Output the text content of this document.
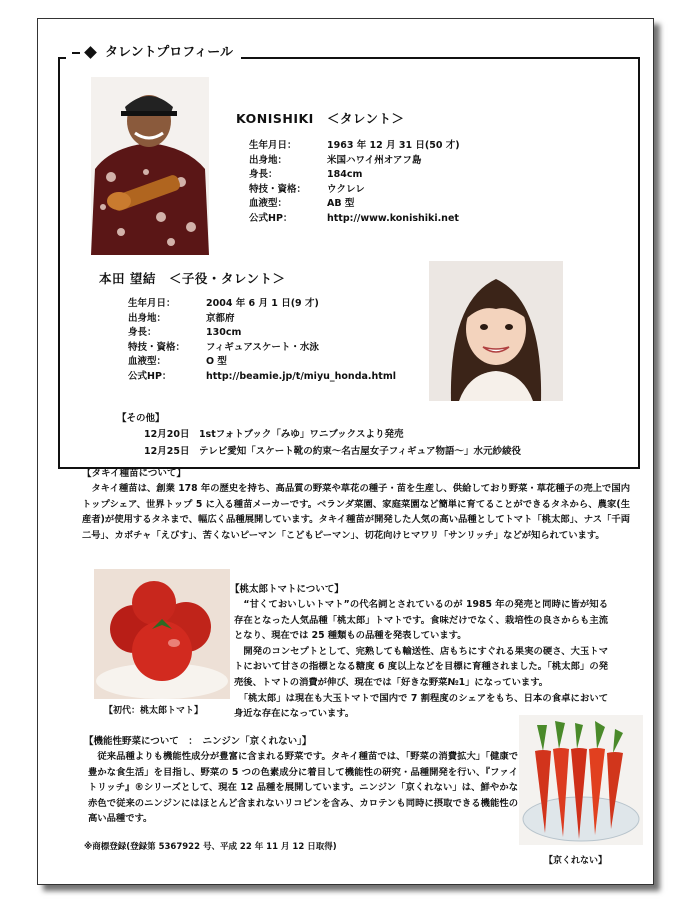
KONISHIKI　＜タレント＞
生年月日：	1963 年 12 月 31 日(50 才)
出身地：	米国ハワイ州オアフ島
身長：	184cm
特技・資格：	ウクレレ
血液型：	AB 型
公式HP：	http://www.konishiki.net
本田 望結　＜子役・タレント＞
生年月日：	2004 年 6 月 1 日(9 才)
出身地：	京都府
身長：	130cm
特技・資格：	フィギュアスケート・水泳
血液型：	O 型
公式HP：	http://beamie.jp/t/miyu_honda.html
【その他】
12月20日　1stフォトブック「みゆ」ワニブックスより発売
12月25日　テレビ愛知「スケート靴の約束～名古屋女子フィギュア物語～」水元紗綾役
タレントプロフィール
【タキイ種苗について】
　タキイ種苗は、創業 178 年の歴史を持ち、高品質の野菜や草花の種子・苗を生産し、供給しており野菜・草花種子の売上で国内トップシェア、世界トップ 5 に入る種苗メーカーです。ベランダ菜園、家庭菜園など簡単に育てることができるタネから、農家(生産者)が使用するタネまで、幅広く品種展開しています。タキイ種苗が開発した人気の高い品種としてトマト「桃太郎」、ナス「千両二号」、カボチャ「えびす」、苦くないピーマン「こどもピーマン」、切花向けヒマワリ「サンリッチ」などが知られています。
【初代：桃太郎トマト】
【桃太郎トマトについて】
　“甘くておいしいトマト”の代名詞とされているのが 1985 年の発売と同時に皆が知る存在となった人気品種「桃太郎」トマトです。食味だけでなく、栽培性の良さからも主流となり、現在では 25 種類もの品種を発表しています。
　開発のコンセプトとして、完熟しても輸送性、店もちにすぐれる果実の硬さ、大玉トマトにおいて甘さの指標となる糖度 6 度以上などを目標に育種されました。「桃太郎」の発売後、トマトの消費が伸び、現在では「好きな野菜№1」になっています。
　「桃太郎」は現在も大玉トマトで国内で 7 割程度のシェアをもち、日本の食卓において身近な存在になっています。
【機能性野菜について　：　ニンジン「京くれない」】
　従来品種よりも機能性成分が豊富に含まれる野菜です。タキイ種苗では、「野菜の消費拡大」「健康で豊かな食生活」を目指し、野菜の 5 つの色素成分に着目して機能性の研究・品種開発を行い、『ファイトリッチ』®シリーズとして、現在 12 品種を展開しています。ニンジン「京くれない」は、鮮やかな赤色で従来のニンジンにはほとんど含まれないリコピンを含み、カロテンも同時に摂取できる機能性の高い品種です。
※商標登録(登録第 5367922 号、平成 22 年 11 月 12 日取得)
【京くれない】
